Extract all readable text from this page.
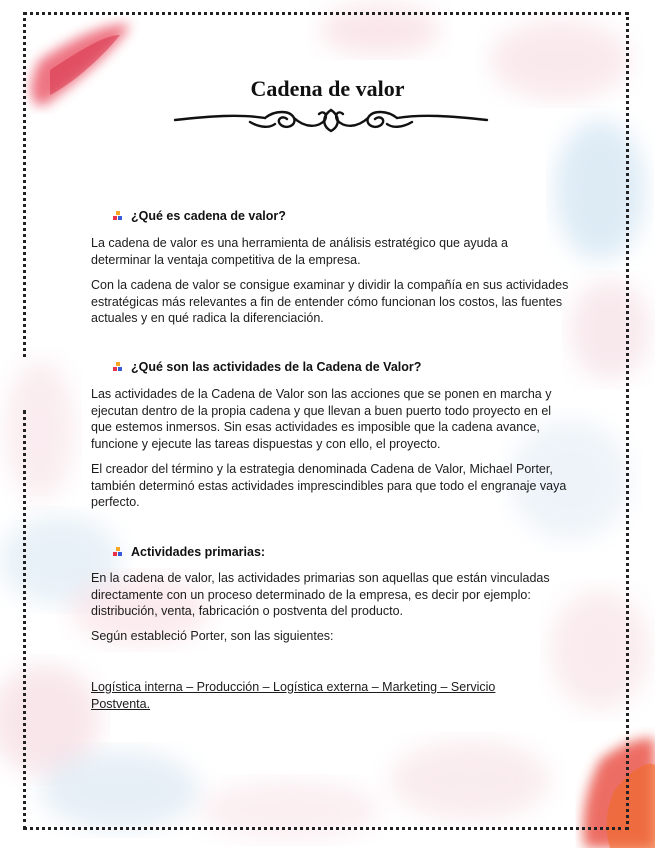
Cadena de valor
¿Qué es cadena de valor?
La cadena de valor es una herramienta de análisis estratégico que ayuda a determinar la ventaja competitiva de la empresa.
Con la cadena de valor se consigue examinar y dividir la compañía en sus actividades estratégicas más relevantes a fin de entender cómo funcionan los costos, las fuentes actuales y en qué radica la diferenciación.
¿Qué son las actividades de la Cadena de Valor?
Las actividades de la Cadena de Valor son las acciones que se ponen en marcha y ejecutan dentro de la propia cadena y que llevan a buen puerto todo proyecto en el que estemos inmersos. Sin esas actividades es imposible que la cadena avance, funcione y ejecute las tareas dispuestas y con ello, el proyecto.
El creador del término y la estrategia denominada Cadena de Valor, Michael Porter, también determinó estas actividades imprescindibles para que todo el engranaje vaya perfecto.
Actividades primarias:
En la cadena de valor, las actividades primarias son aquellas que están vinculadas directamente con un proceso determinado de la empresa, es decir por ejemplo: distribución, venta, fabricación o postventa del producto.
Según estableció Porter, son las siguientes:
Logística interna – Producción – Logística externa – Marketing – Servicio Postventa.
